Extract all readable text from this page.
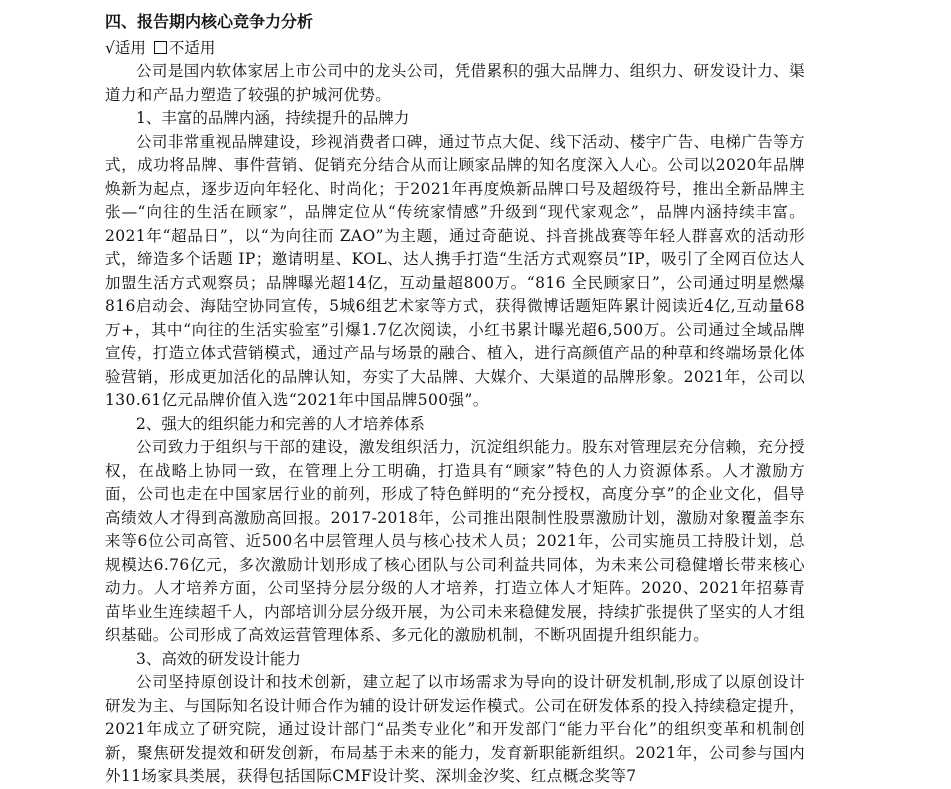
四、报告期内核心竞争力分析

√适用 不适用

公司是国内软体家居上市公司中的龙头公司，凭借累积的强大品牌力、组织力、研发设计力、渠道力和产品力塑造了较强的护城河优势。

1、丰富的品牌内涵，持续提升的品牌力

公司非常重视品牌建设，珍视消费者口碑，通过节点大促、线下活动、楼宇广告、电梯广告等方式，成功将品牌、事件营销、促销充分结合从而让顾家品牌的知名度深入人心。公司以2020年品牌焕新为起点，逐步迈向年轻化、时尚化；于2021年再度焕新品牌口号及超级符号，推出全新品牌主张—“向往的生活在顾家”，品牌定位从“传统家情感”升级到“现代家观念”，品牌内涵持续丰富。2021年“超品日”，以“为向往而 ZAO”为主题，通过奇葩说、抖音挑战赛等年轻人群喜欢的活动形式，缔造多个话题 IP；邀请明星、KOL、达人携手打造“生活方式观察员”IP，吸引了全网百位达人加盟生活方式观察员；品牌曝光超14亿，互动量超800万。“816 全民顾家日”，公司通过明星燃爆816启动会、海陆空协同宣传，5城6组艺术家等方式，获得微博话题矩阵累计阅读近4亿,互动量68万+，其中“向往的生活实验室”引爆1.7亿次阅读，小红书累计曝光超6,500万。公司通过全域品牌宣传，打造立体式营销模式，通过产品与场景的融合、植入，进行高颜值产品的种草和终端场景化体验营销，形成更加活化的品牌认知，夯实了大品牌、大媒介、大渠道的品牌形象。2021年，公司以130.61亿元品牌价值入选“2021年中国品牌500强”。

2、强大的组织能力和完善的人才培养体系

公司致力于组织与干部的建设，激发组织活力，沉淀组织能力。股东对管理层充分信赖，充分授权，在战略上协同一致，在管理上分工明确，打造具有“顾家”特色的人力资源体系。人才激励方面，公司也走在中国家居行业的前列，形成了特色鲜明的“充分授权，高度分享”的企业文化，倡导高绩效人才得到高激励高回报。2017-2018年，公司推出限制性股票激励计划，激励对象覆盖李东来等6位公司高管、近500名中层管理人员与核心技术人员；2021年，公司实施员工持股计划，总规模达6.76亿元，多次激励计划形成了核心团队与公司利益共同体，为未来公司稳健增长带来核心动力。人才培养方面，公司坚持分层分级的人才培养，打造立体人才矩阵。2020、2021年招募青苗毕业生连续超千人，内部培训分层分级开展，为公司未来稳健发展，持续扩张提供了坚实的人才组织基础。公司形成了高效运营管理体系、多元化的激励机制，不断巩固提升组织能力。

3、高效的研发设计能力

公司坚持原创设计和技术创新，建立起了以市场需求为导向的设计研发机制,形成了以原创设计研发为主、与国际知名设计师合作为辅的设计研发运作模式。公司在研发体系的投入持续稳定提升，2021年成立了研究院，通过设计部门“品类专业化”和开发部门“能力平台化”的组织变革和机制创新，聚焦研发提效和研发创新，布局基于未来的能力，发育新职能新组织。2021年，公司参与国内外11场家具类展，获得包括国际CMF设计奖、深圳金汐奖、红点概念奖等7
